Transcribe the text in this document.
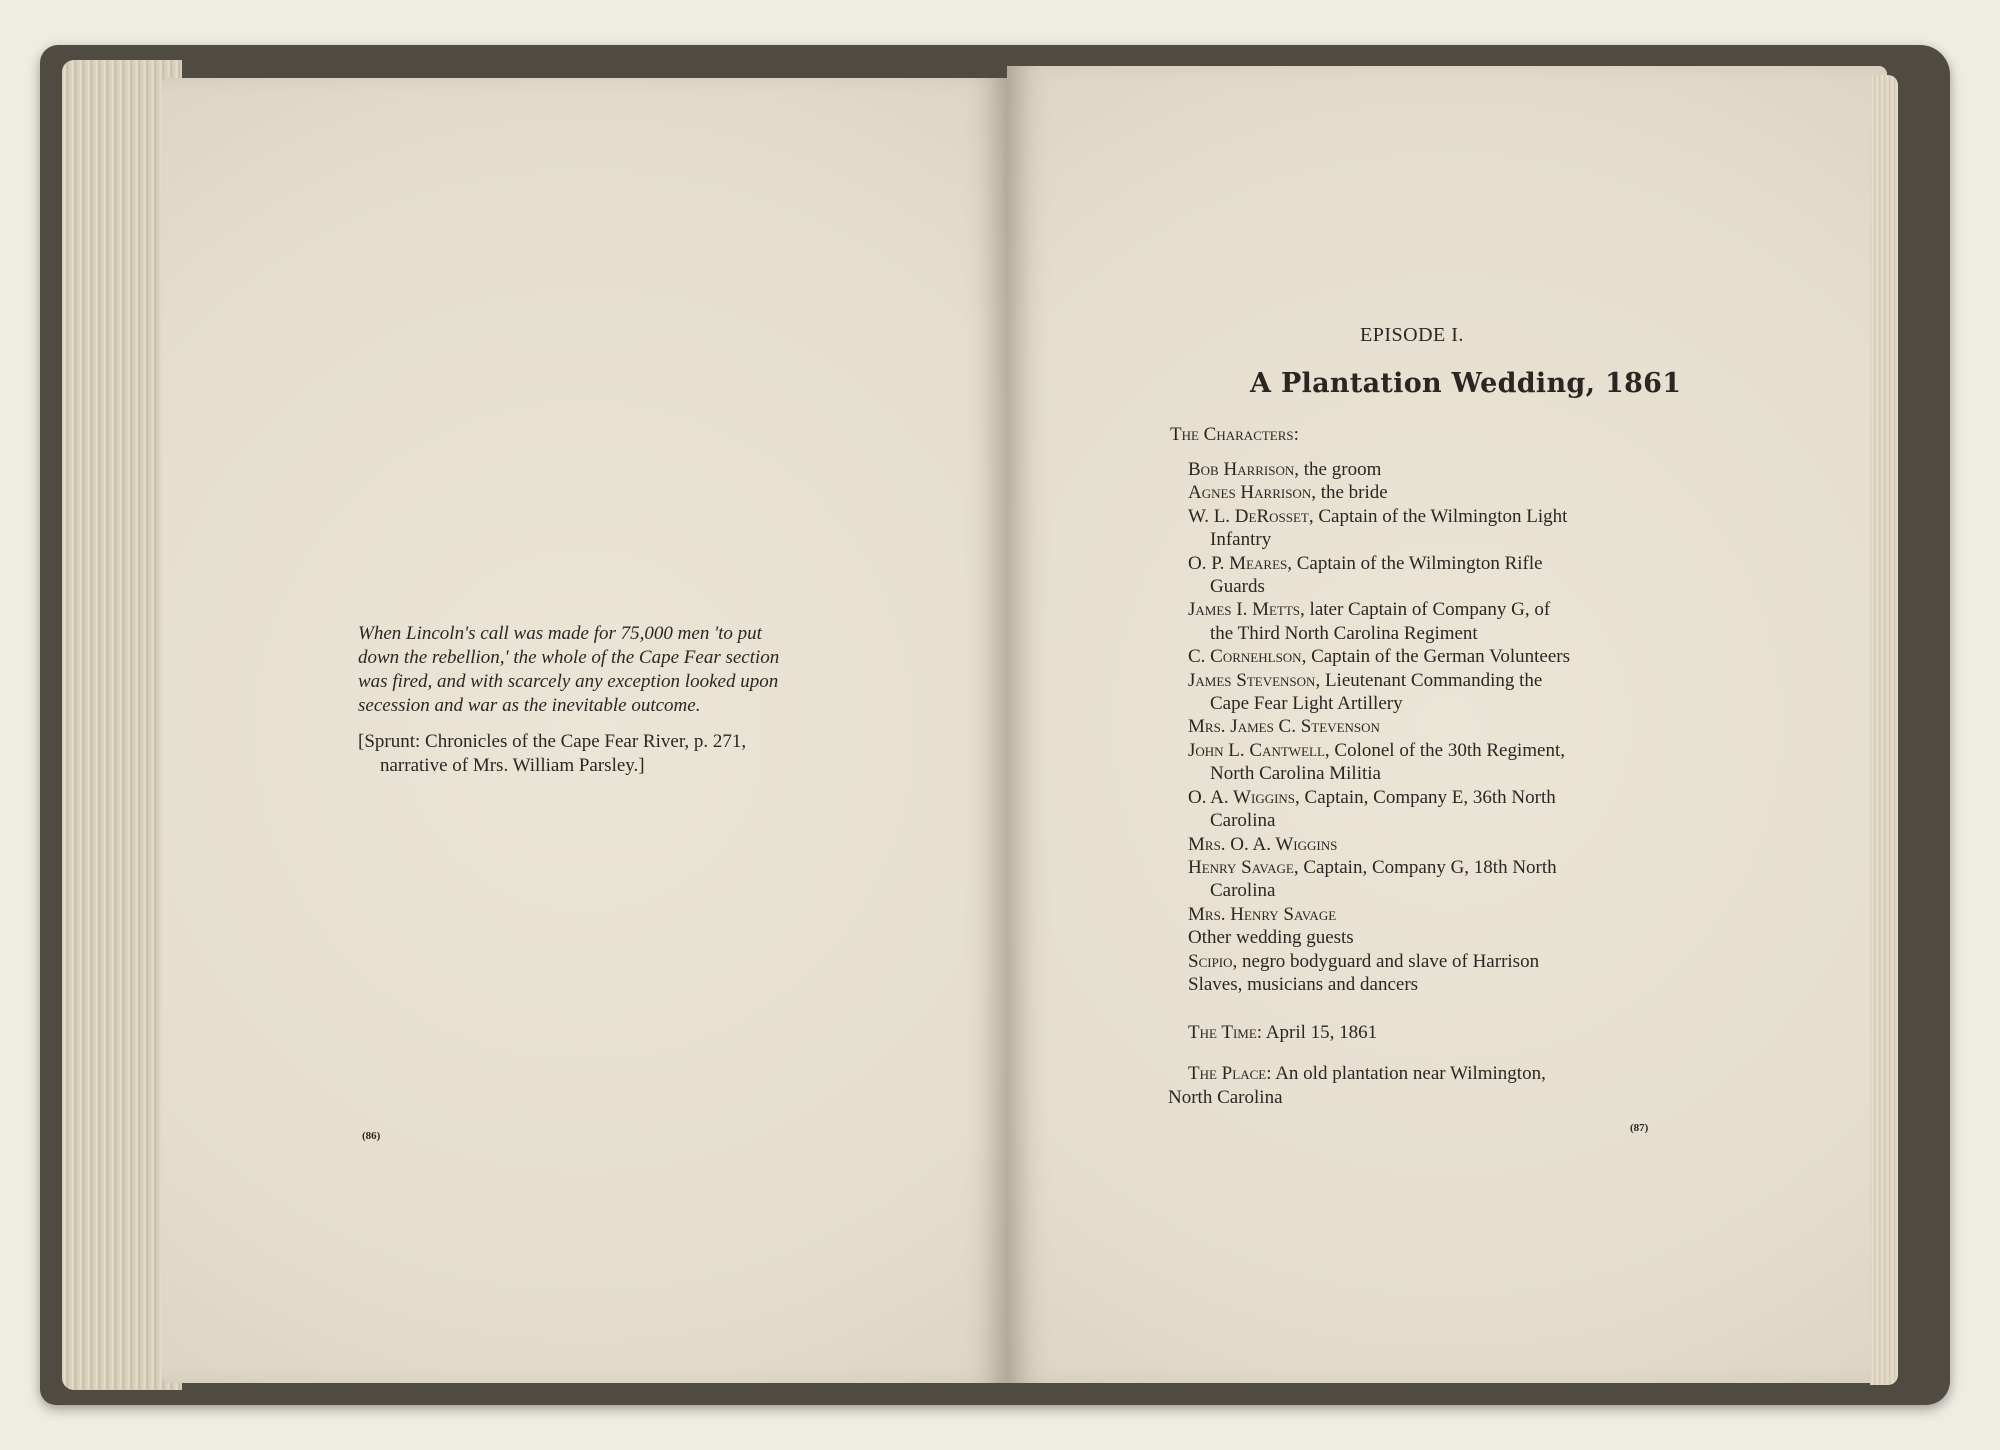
When Lincoln's call was made for 75,000 men 'to put
down the rebellion,' the whole of the Cape Fear section
was fired, and with scarcely any exception looked upon
secession and war as the inevitable outcome.
[Sprunt: Chronicles of the Cape Fear River, p. 271,
narrative of Mrs. William Parsley.]
(86)
EPISODE I.
A Plantation Wedding, 1861
The Characters:
Bob Harrison, the groom
Agnes Harrison, the bride
W. L. DeRosset, Captain of the Wilmington Light
Infantry
O. P. Meares, Captain of the Wilmington Rifle
Guards
James I. Metts, later Captain of Company G, of
the Third North Carolina Regiment
C. Cornehlson, Captain of the German Volunteers
James Stevenson, Lieutenant Commanding the
Cape Fear Light Artillery
Mrs. James C. Stevenson
John L. Cantwell, Colonel of the 30th Regiment,
North Carolina Militia
O. A. Wiggins, Captain, Company E, 36th North
Carolina
Mrs. O. A. Wiggins
Henry Savage, Captain, Company G, 18th North
Carolina
Mrs. Henry Savage
Other wedding guests
Scipio, negro bodyguard and slave of Harrison
Slaves, musicians and dancers
The Time: April 15, 1861
The Place: An old plantation near Wilmington,
North Carolina
(87)
